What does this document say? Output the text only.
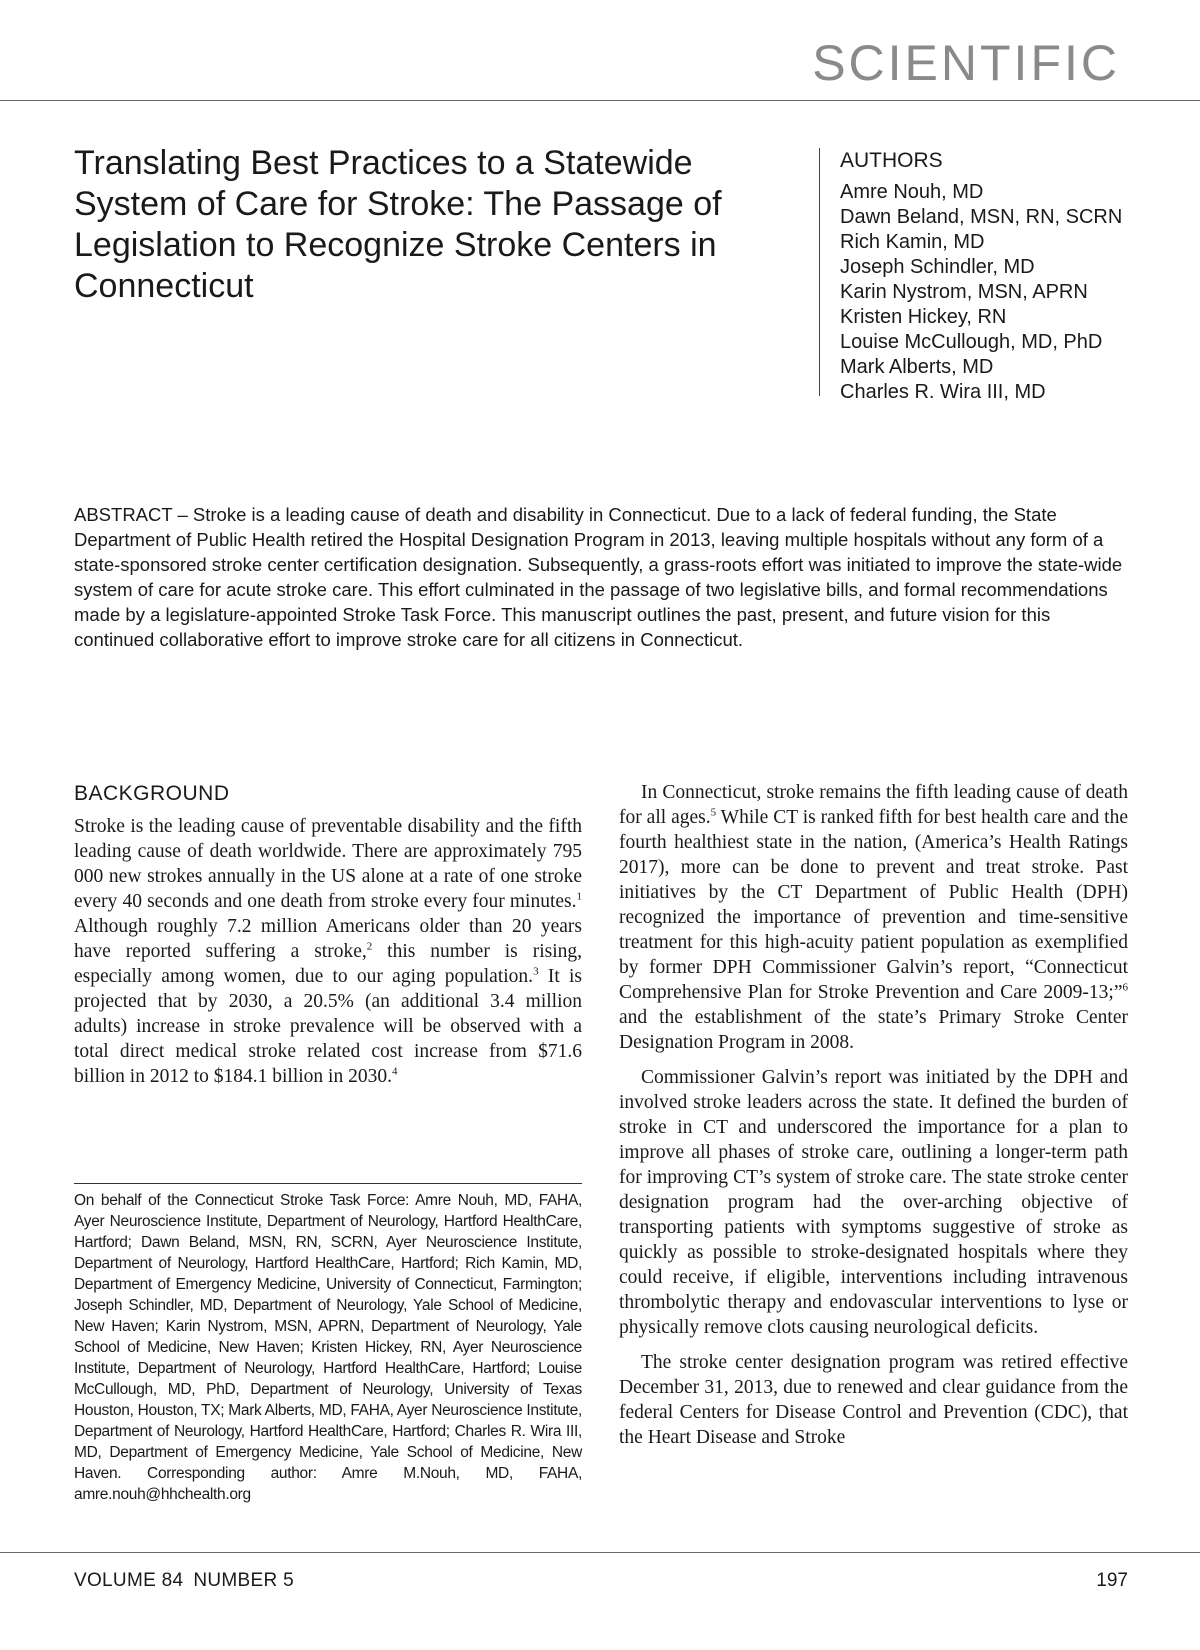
SCIENTIFIC
Translating Best Practices to a Statewide System of Care for Stroke: The Passage of Legislation to Recognize Stroke Centers in Connecticut
AUTHORS

Amre Nouh, MD

Dawn Beland, MSN, RN, SCRN

Rich Kamin, MD

Joseph Schindler, MD

Karin Nystrom, MSN, APRN

Kristen Hickey, RN

Louise McCullough, MD, PhD

Mark Alberts, MD

Charles R. Wira III, MD

ABSTRACT – Stroke is a leading cause of death and disability in Connecticut. Due to a lack of federal funding, the State Department of Public Health retired the Hospital Designation Program in 2013, leaving multiple hospitals without any form of a state-sponsored stroke center certification designation. Subsequently, a grass-roots effort was initiated to improve the state-wide system of care for acute stroke care. This effort culminated in the passage of two legislative bills, and formal recommendations made by a legislature-appointed Stroke Task Force. This manuscript outlines the past, present, and future vision for this continued collaborative effort to improve stroke care for all citizens in Connecticut.

BACKGROUND

Stroke is the leading cause of preventable disability and the fifth leading cause of death worldwide. There are approximately 795 000 new strokes annually in the US alone at a rate of one stroke every 40 seconds and one death from stroke every four minutes.$^1$ Although roughly 7.2 million Americans older than 20 years have reported suffering a stroke,$^2$ this number is rising, especially among women, due to our aging population.$^3$ It is projected that by 2030, a 20.5% (an additional 3.4 million adults) increase in stroke prevalence will be observed with a total direct medical stroke related cost increase from $71.6 billion in 2012 to $184.1 billion in 2030.$^4$

On behalf of the Connecticut Stroke Task Force: Amre Nouh, MD, FAHA, Ayer Neuroscience Institute, Department of Neurology, Hartford HealthCare, Hartford; Dawn Beland, MSN, RN, SCRN, Ayer Neuroscience Institute, Department of Neurology, Hartford HealthCare, Hartford; Rich Kamin, MD, Department of Emergency Medicine, University of Connecticut, Farmington; Joseph Schindler, MD, Department of Neurology, Yale School of Medicine, New Haven; Karin Nystrom, MSN, APRN, Department of Neurology, Yale School of Medicine, New Haven; Kristen Hickey, RN, Ayer Neuroscience Institute, Department of Neurology, Hartford HealthCare, Hartford; Louise McCullough, MD, PhD, Department of Neurology, University of Texas Houston, Houston, TX; Mark Alberts, MD, FAHA, Ayer Neuroscience Institute, Department of Neurology, Hartford HealthCare, Hartford; Charles R. Wira III, MD, Department of Emergency Medicine, Yale School of Medicine, New Haven. Corresponding author: Amre M.Nouh, MD, FAHA, amre.nouh@hhchealth.org

In Connecticut, stroke remains the fifth leading cause of death for all ages.$^5$ While CT is ranked fifth for best health care and the fourth healthiest state in the nation, (America’s Health Ratings 2017), more can be done to prevent and treat stroke. Past initiatives by the CT Department of Public Health (DPH) recognized the importance of prevention and time-sensitive treatment for this high-acuity patient population as exemplified by former DPH Commissioner Galvin’s report, “Connecticut Comprehensive Plan for Stroke Prevention and Care 2009-13;”$^6$ and the establishment of the state’s Primary Stroke Center Designation Program in 2008.

Commissioner Galvin’s report was initiated by the DPH and involved stroke leaders across the state. It defined the burden of stroke in CT and underscored the importance for a plan to improve all phases of stroke care, outlining a longer-term path for improving CT’s system of stroke care. The state stroke center designation program had the over-arching objective of transporting patients with symptoms suggestive of stroke as quickly as possible to stroke-designated hospitals where they could receive, if eligible, interventions including intravenous thrombolytic therapy and endovascular interventions to lyse or physically remove clots causing neurological deficits.

The stroke center designation program was retired effective December 31, 2013, due to renewed and clear guidance from the federal Centers for Disease Control and Prevention (CDC), that the Heart Disease and Stroke

VOLUME 84 NUMBER 5	197
